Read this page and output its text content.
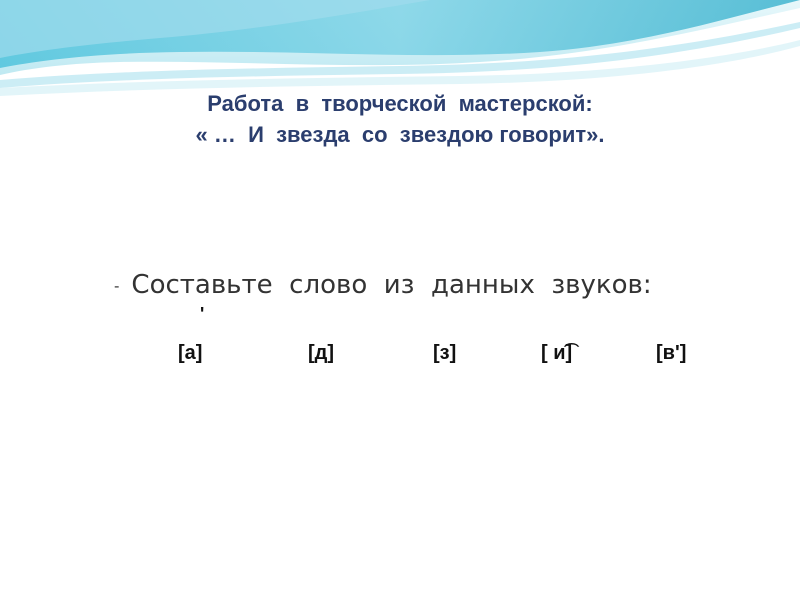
Работа  в  творческой  мастерской:
« …  И  звезда  со  звездою говорит».
- Составьте  слово  из  данных  звуков:
'
[а]	[д]	[з]	[ и͡]	[в']
